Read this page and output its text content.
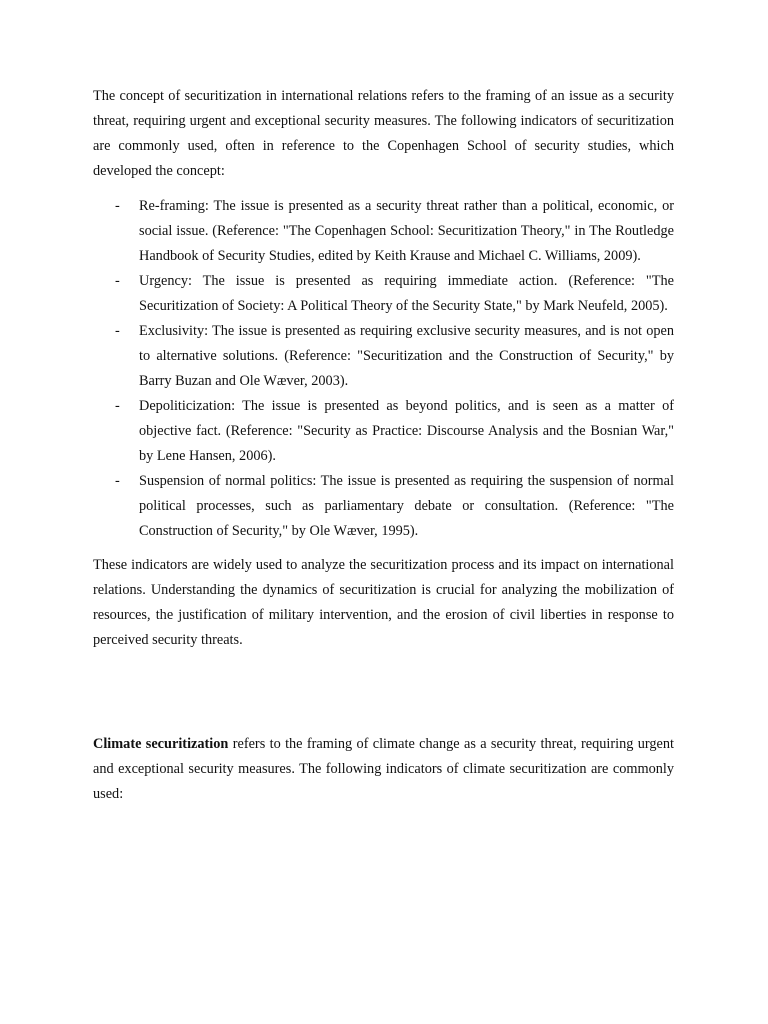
The concept of securitization in international relations refers to the framing of an issue as a security threat, requiring urgent and exceptional security measures. The following indicators of securitization are commonly used, often in reference to the Copenhagen School of security studies, which developed the concept:

- Re-framing: The issue is presented as a security threat rather than a political, economic, or social issue. (Reference: "The Copenhagen School: Securitization Theory," in The Routledge Handbook of Security Studies, edited by Keith Krause and Michael C. Williams, 2009).
- Urgency: The issue is presented as requiring immediate action. (Reference: "The Securitization of Society: A Political Theory of the Security State," by Mark Neufeld, 2005).
- Exclusivity: The issue is presented as requiring exclusive security measures, and is not open to alternative solutions. (Reference: "Securitization and the Construction of Security," by Barry Buzan and Ole Wæver, 2003).
- Depoliticization: The issue is presented as beyond politics, and is seen as a matter of objective fact. (Reference: "Security as Practice: Discourse Analysis and the Bosnian War," by Lene Hansen, 2006).
- Suspension of normal politics: The issue is presented as requiring the suspension of normal political processes, such as parliamentary debate or consultation. (Reference: "The Construction of Security," by Ole Wæver, 1995).

These indicators are widely used to analyze the securitization process and its impact on international relations. Understanding the dynamics of securitization is crucial for analyzing the mobilization of resources, the justification of military intervention, and the erosion of civil liberties in response to perceived security threats.

Climate securitization refers to the framing of climate change as a security threat, requiring urgent and exceptional security measures. The following indicators of climate securitization are commonly used:
